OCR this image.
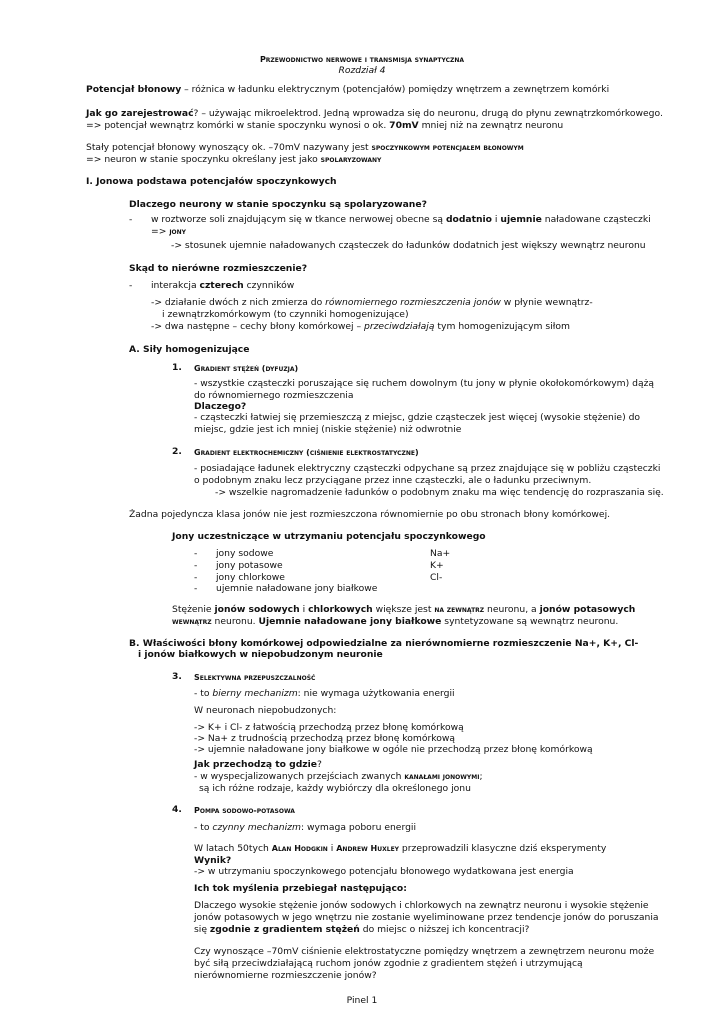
Przewodnictwo nerwowe i transmisja synaptyczna
Rozdział 4
Potencjał błonowy – różnica w ładunku elektrycznym (potencjałów) pomiędzy wnętrzem a zewnętrzem komórki
Jak go zarejestrować? – używając mikroelektrod. Jedną wprowadza się do neuronu, drugą do płynu zewnątrzkomórkowego.
=> potencjał wewnątrz komórki w stanie spoczynku wynosi o ok. 70mV mniej niż na zewnątrz neuronu
Stały potencjał błonowy wynoszący ok. –70mV nazywany jest spoczynkowym potencjałem błonowym
=> neuron w stanie spoczynku określany jest jako spolaryzowany
I. Jonowa podstawa potencjałów spoczynkowych
Dlaczego neurony w stanie spoczynku są spolaryzowane?
- w roztworze soli znajdującym się w tkance nerwowej obecne są dodatnio i ujemnie naładowane cząsteczki
=> jony
-> stosunek ujemnie naładowanych cząsteczek do ładunków dodatnich jest większy wewnątrz neuronu
Skąd to nierówne rozmieszczenie?
- interakcja czterech czynników
-> działanie dwóch z nich zmierza do równomiernego rozmieszczenia jonów w płynie wewnątrz-
i zewnątrzkomórkowym (to czynniki homogenizujące)
-> dwa następne – cechy błony komórkowej – przeciwdziałają tym homogenizującym siłom
A. Siły homogenizujące
1. Gradient stężeń (dyfuzja)
- wszystkie cząsteczki poruszające się ruchem dowolnym (tu jony w płynie okołokomórkowym) dążą
do równomiernego rozmieszczenia
Dlaczego?
- cząsteczki łatwiej się przemieszczą z miejsc, gdzie cząsteczek jest więcej (wysokie stężenie) do
miejsc, gdzie jest ich mniej (niskie stężenie) niż odwrotnie
2. Gradient elektrochemiczny (ciśnienie elektrostatyczne)
- posiadające ładunek elektryczny cząsteczki odpychane są przez znajdujące się w pobliżu cząsteczki
o podobnym znaku lecz przyciągane przez inne cząsteczki, ale o ładunku przeciwnym.
-> wszelkie nagromadzenie ładunków o podobnym znaku ma więc tendencję do rozpraszania się.
Żadna pojedyncza klasa jonów nie jest rozmieszczona równomiernie po obu stronach błony komórkowej.
Jony uczestniczące w utrzymaniu potencjału spoczynkowego
- jony sodowe	Na+
- jony potasowe	K+
- jony chlorkowe	Cl-
- ujemnie naładowane jony białkowe
Stężenie jonów sodowych i chlorkowych większe jest na zewnątrz neuronu, a jonów potasowych
wewnątrz neuronu. Ujemnie naładowane jony białkowe syntetyzowane są wewnątrz neuronu.
B. Właściwości błony komórkowej odpowiedzialne za nierównomierne rozmieszczenie Na+, K+, Cl-
i jonów białkowych w niepobudzonym neuronie
3. Selektywna przepuszczalność
- to bierny mechanizm: nie wymaga użytkowania energii
W neuronach niepobudzonych:
-> K+ i Cl- z łatwością przechodzą przez błonę komórkową
-> Na+ z trudnością przechodzą przez błonę komórkową
-> ujemnie naładowane jony białkowe w ogóle nie przechodzą przez błonę komórkową
Jak przechodzą to gdzie?
- w wyspecjalizowanych przejściach zwanych kanałami jonowymi;
są ich różne rodzaje, każdy wybiórczy dla określonego jonu
4. Pompa sodowo-potasowa
- to czynny mechanizm: wymaga poboru energii
W latach 50tych Alan Hodgkin i Andrew Huxley przeprowadzili klasyczne dziś eksperymenty
Wynik?
-> w utrzymaniu spoczynkowego potencjału błonowego wydatkowana jest energia
Ich tok myślenia przebiegał następująco:
Dlaczego wysokie stężenie jonów sodowych i chlorkowych na zewnątrz neuronu i wysokie stężenie
jonów potasowych w jego wnętrzu nie zostanie wyeliminowane przez tendencje jonów do poruszania
się zgodnie z gradientem stężeń do miejsc o niższej ich koncentracji?
Czy wynoszące –70mV ciśnienie elektrostatyczne pomiędzy wnętrzem a zewnętrzem neuronu może
być siłą przeciwdziałającą ruchom jonów zgodnie z gradientem stężeń i utrzymującą
nierównomierne rozmieszczenie jonów?
Pinel 1
